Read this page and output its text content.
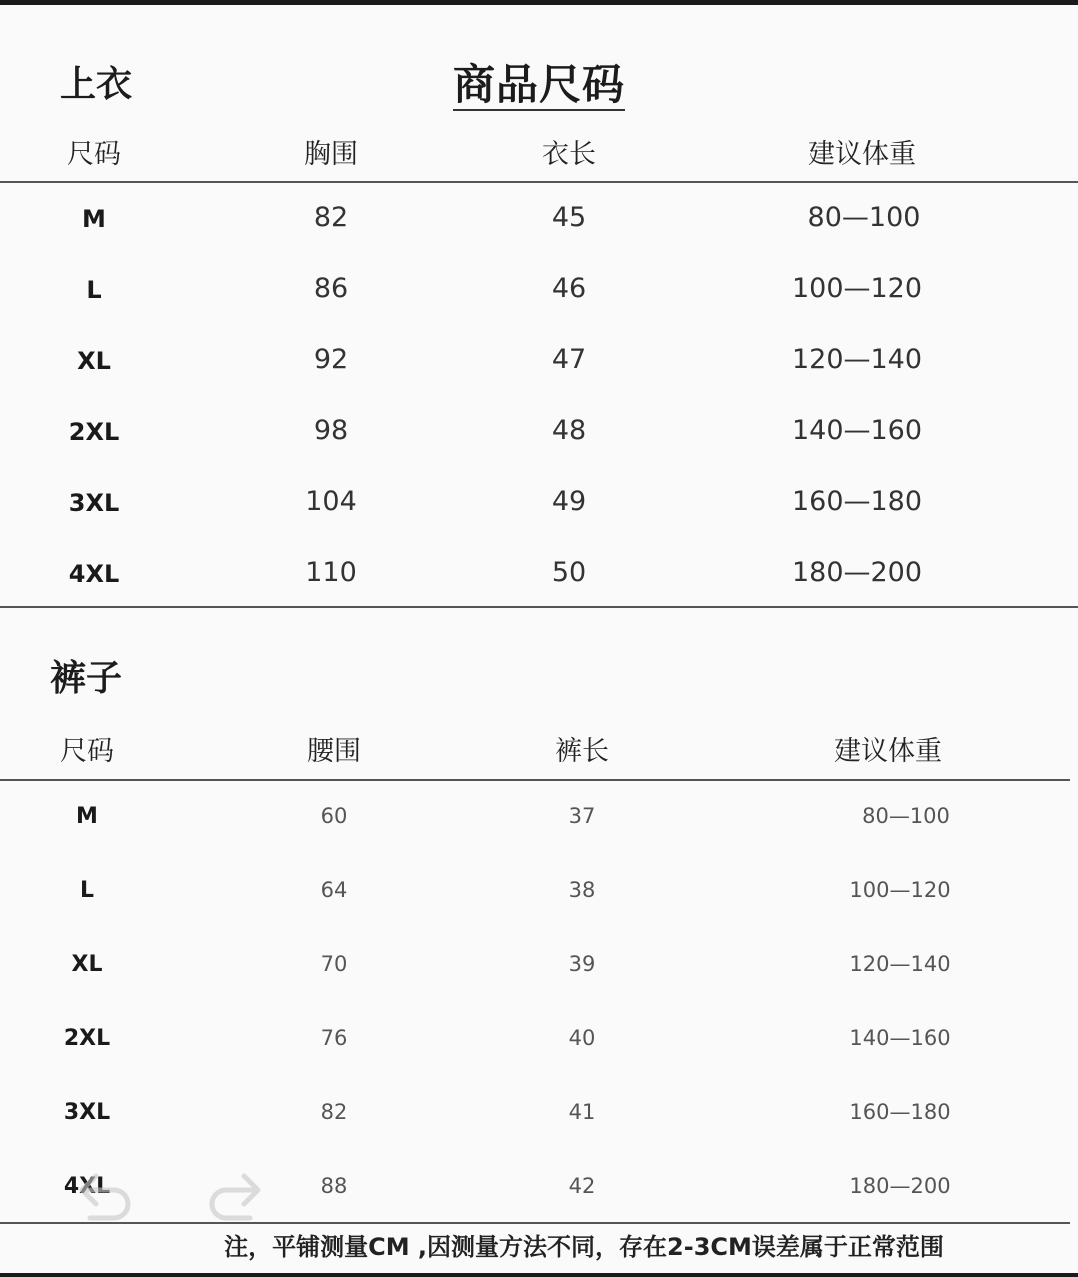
商品尺码
上衣
尺码	胸围	衣长	建议体重
M	82	45	80—100
L	86	46	100—120
XL	92	47	120—140
2XL	98	48	140—160
3XL	104	49	160—180
4XL	110	50	180—200
裤子
尺码	腰围	裤长	建议体重
M	60	37	80—100
L	64	38	100—120
XL	70	39	120—140
2XL	76	40	140—160
3XL	82	41	160—180
4XL	88	42	180—200
注，平铺测量CM ,因测量方法不同，存在2-3CM误差属于正常范围
